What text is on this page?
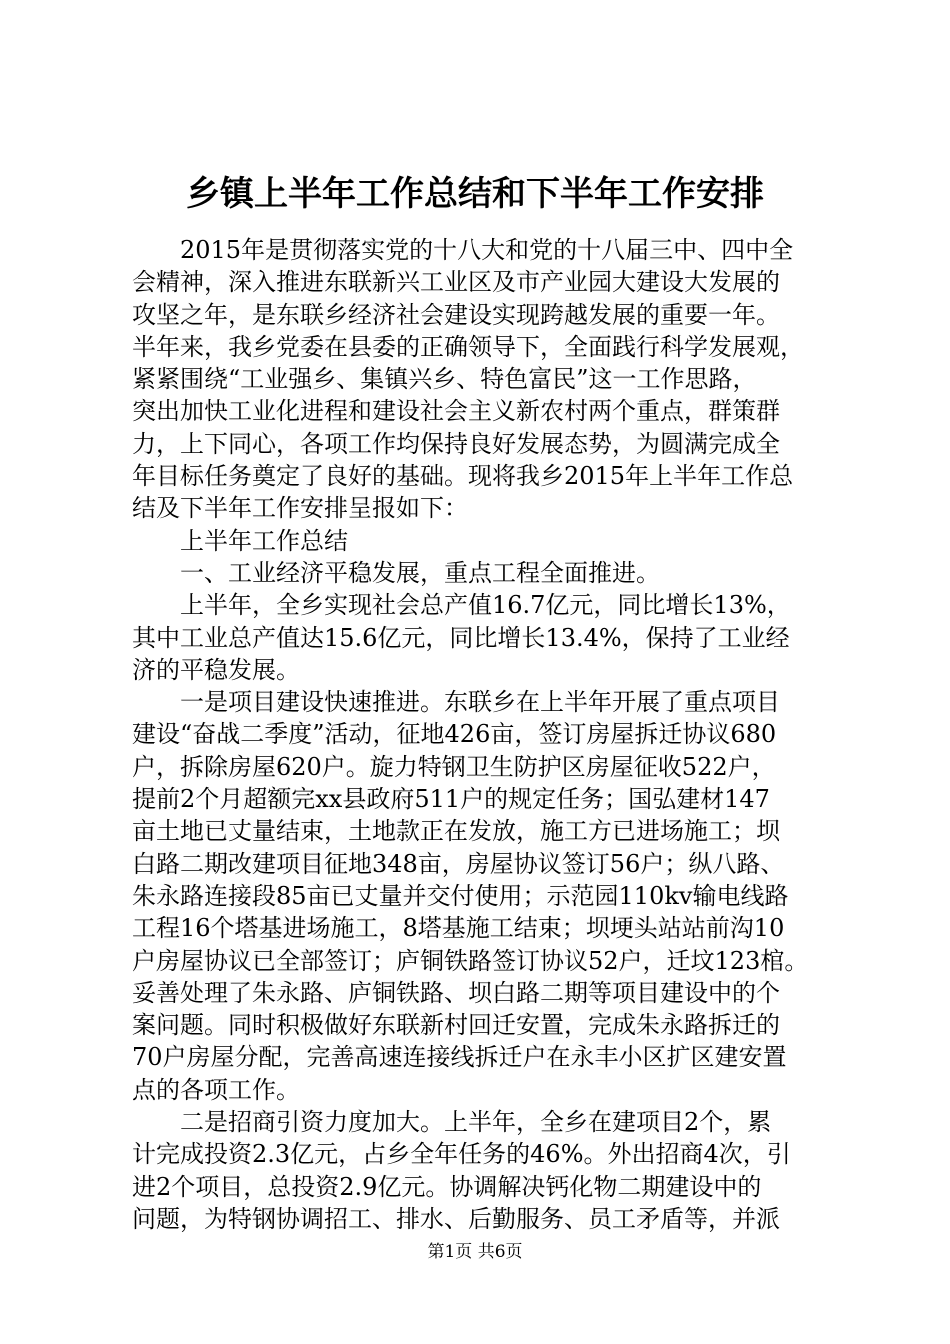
乡镇上半年工作总结和下半年工作安排
2015年是贯彻落实党的十八大和党的十八届三中、四中全
会精神，深入推进东联新兴工业区及市产业园大建设大发展的
攻坚之年，是东联乡经济社会建设实现跨越发展的重要一年。
半年来，我乡党委在县委的正确领导下，全面践行科学发展观，
紧紧围绕“工业强乡、集镇兴乡、特色富民”这一工作思路，
突出加快工业化进程和建设社会主义新农村两个重点，群策群
力，上下同心，各项工作均保持良好发展态势，为圆满完成全
年目标任务奠定了良好的基础。现将我乡2015年上半年工作总
结及下半年工作安排呈报如下：
上半年工作总结
一、工业经济平稳发展，重点工程全面推进。
上半年，全乡实现社会总产值16.7亿元，同比增长13%，
其中工业总产值达15.6亿元，同比增长13.4%，保持了工业经
济的平稳发展。
一是项目建设快速推进。东联乡在上半年开展了重点项目
建设“奋战二季度”活动，征地426亩，签订房屋拆迁协议680
户，拆除房屋620户。旋力特钢卫生防护区房屋征收522户，
提前2个月超额完xx县政府511户的规定任务；国弘建材147
亩土地已丈量结束，土地款正在发放，施工方已进场施工；坝
白路二期改建项目征地348亩，房屋协议签订56户；纵八路、
朱永路连接段85亩已丈量并交付使用；示范园110kv输电线路
工程16个塔基进场施工，8塔基施工结束；坝埂头站站前沟10
户房屋协议已全部签订；庐铜铁路签订协议52户，迁坟123棺。
妥善处理了朱永路、庐铜铁路、坝白路二期等项目建设中的个
案问题。同时积极做好东联新村回迁安置，完成朱永路拆迁的
70户房屋分配，完善高速连接线拆迁户在永丰小区扩区建安置
点的各项工作。
二是招商引资力度加大。上半年，全乡在建项目2个，累
计完成投资2.3亿元，占乡全年任务的46%。外出招商4次，引
进2个项目，总投资2.9亿元。协调解决钙化物二期建设中的
问题，为特钢协调招工、排水、后勤服务、员工矛盾等，并派
第1页 共6页
